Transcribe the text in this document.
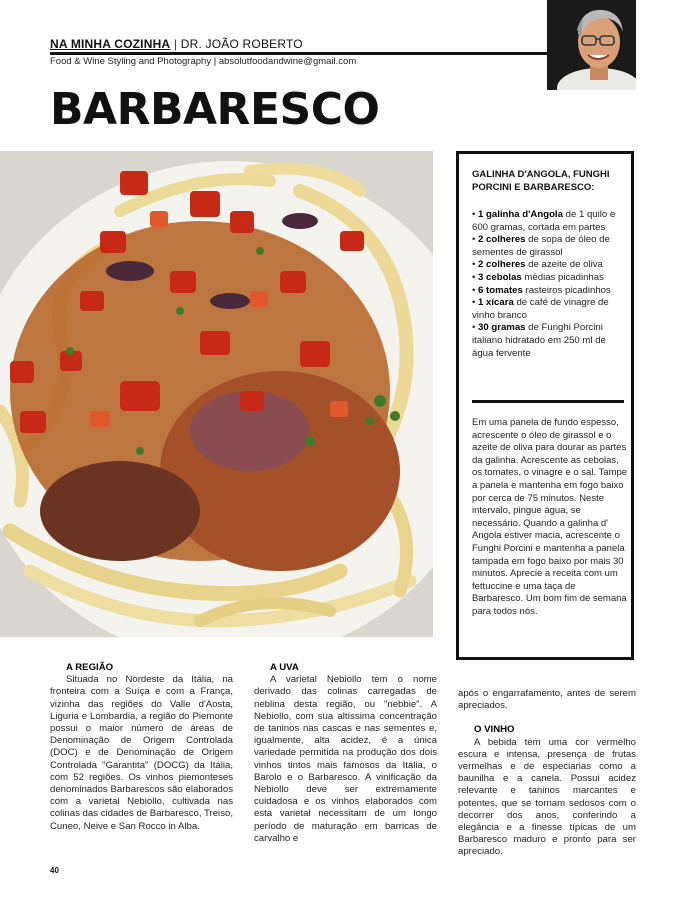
NA MINHA COZINHA | DR. JOÃO ROBERTO
Food & Wine Styling and Photography | absolutfoodandwine@gmail.com
BARBARESCO
GALINHA D'ANGOLA, FUNGHI PORCINI E BARBARESCO:
• 1 galinha d'Angola de 1 quilo e 600 gramas, cortada em partes
• 2 colheres de sopa de óleo de sementes de girassol
• 2 colheres de azeite de oliva
• 3 cebolas médias picadinhas
• 6 tomates rasteiros picadinhos
• 1 xícara de café de vinagre de vinho branco
• 30 gramas de Funghi Porcini italiano hidratado em 250 ml de água fervente

Em uma panela de fundo espesso, acrescente o óleo de girassol e o azeite de oliva para dourar as partes da galinha. Acrescente as cebolas, os tomates, o vinagre e o sal. Tampe a panela e mantenha em fogo baixo por cerca de 75 minutos. Neste intervalo, pingue água, se necessário. Quando a galinha d' Angola estiver macia, acrescente o Funghi Porcini e mantenha a panela tampada em fogo baixo por mais 30 minutos. Aprecie a receita com um fettuccine e uma taça de Barbaresco. Um bom fim de semana para todos nós.

A REGIÃO

Situada no Nordeste da Itália, na fronteira com a Suíça e com a França, vizinha das regiões do Valle d'Aosta, Liguria e Lombardia, a região do Piemonte possui o maior número de áreas de Denominação de Origem Controlada (DOC) e de Denominação de Origem Controlada "Garantita" (DOCG) da Itália, com 52 regiões. Os vinhos piemonteses denominados Barbarescos são elaborados com a varietal Nebiollo, cultivada nas colinas das cidades de Barbaresco, Treiso, Cuneo, Neive e San Rocco in Alba.

A UVA

A varietal Nebiollo tem o nome derivado das colinas carregadas de neblina desta região, ou "nebbie". A Nebiollo, com sua altíssima concentração de taninos nas cascas e nas sementes e, igualmente, alta acidez, é a única variedade permitida na produção dos dois vinhos tintos mais famosos da Itália, o Barolo e o Barbaresco. A vinificação da Nebiollo deve ser extremamente cuidadosa e os vinhos elaborados com esta varietal necessitam de um longo período de maturação em barricas de carvalho e

após o engarrafamento, antes de serem apreciados.

O VINHO

A bebida tem uma cor vermelho escura e intensa, presença de frutas vermelhas e de especiarias como a baunilha e a canela. Possui acidez relevante e taninos marcantes e potentes, que se tornam sedosos com o decorrer dos anos, conferindo a elegância e a finesse típicas de um Barbaresco maduro e pronto para ser apreciado.

40
